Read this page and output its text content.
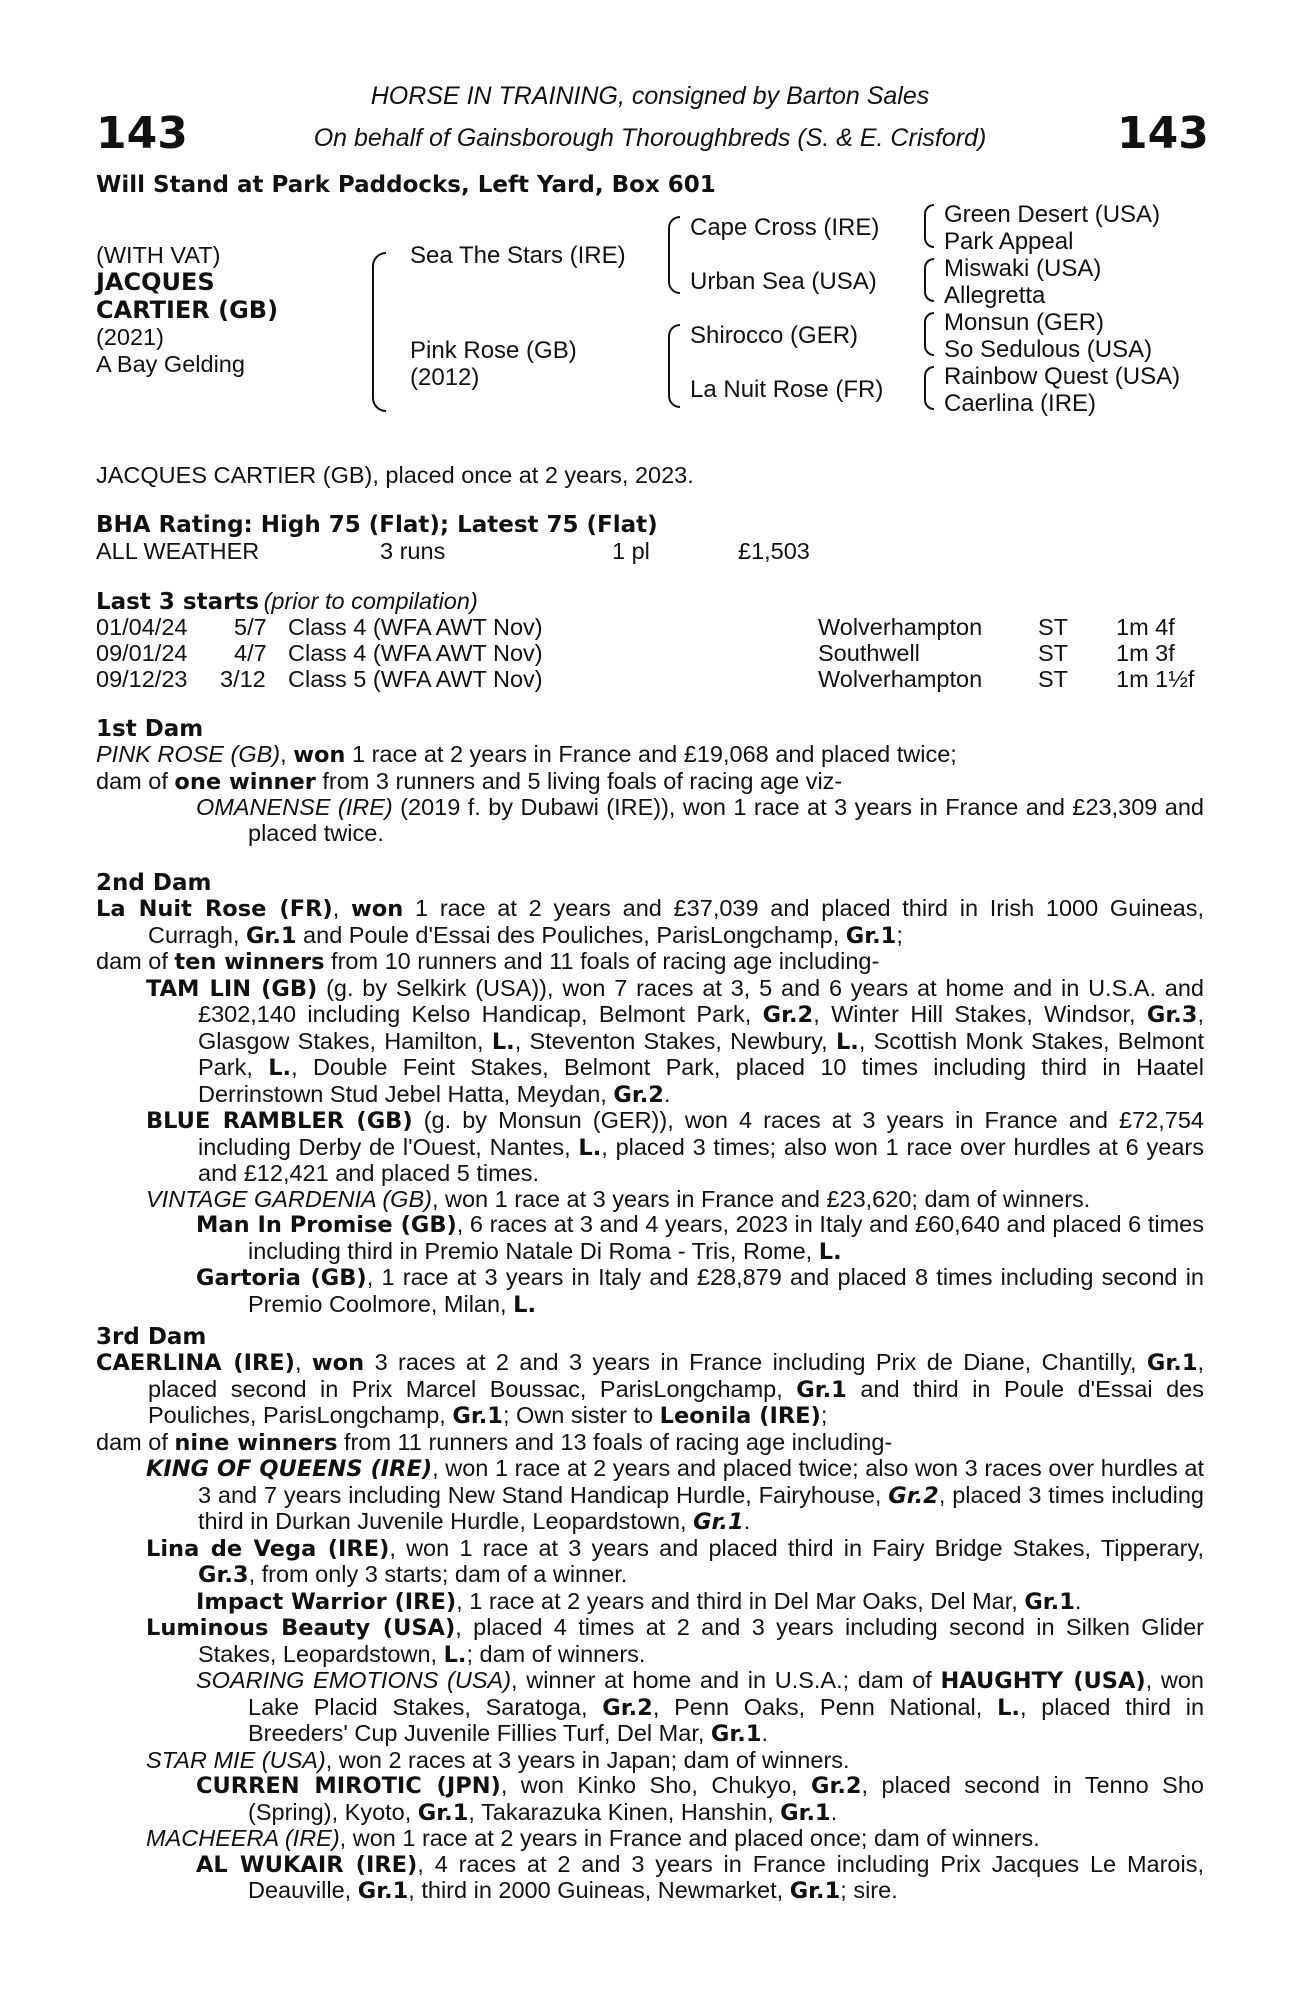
HORSE IN TRAINING, consigned by Barton Sales
On behalf of Gainsborough Thoroughbreds (S. & E. Crisford)
143	143
Will Stand at Park Paddocks, Left Yard, Box 601
(WITH VAT)
JACQUES
CARTIER (GB)
(2021)
A Bay Gelding
Sea The Stars (IRE)
Pink Rose (GB)
(2012)
Cape Cross (IRE)
Urban Sea (USA)
Shirocco (GER)
La Nuit Rose (FR)
Green Desert (USA)
Park Appeal
Miswaki (USA)
Allegretta
Monsun (GER)
So Sedulous (USA)
Rainbow Quest (USA)
Caerlina (IRE)
JACQUES CARTIER (GB), placed once at 2 years, 2023.
BHA Rating: High 75 (Flat); Latest 75 (Flat)
ALL WEATHER	3 runs	1 pl	£1,503
Last 3 starts (prior to compilation)
01/04/24 5/7 Class 4 (WFA AWT Nov)	Wolverhampton ST 1m 4f
09/01/24 4/7 Class 4 (WFA AWT Nov)	Southwell	ST 1m 3f
09/12/23 3/12 Class 5 (WFA AWT Nov)	Wolverhampton ST 1m 1½f
1st Dam

PINK ROSE (GB), won 1 race at 2 years in France and £19,068 and placed twice;

dam of one winner from 3 runners and 5 living foals of racing age viz-

OMANENSE (IRE) (2019 f. by Dubawi (IRE)), won 1 race at 3 years in France and £23,309 and placed twice.

2nd Dam

La Nuit Rose (FR), won 1 race at 2 years and £37,039 and placed third in Irish 1000 Guineas, Curragh, Gr.1 and Poule d'Essai des Pouliches, ParisLongchamp, Gr.1;

dam of ten winners from 10 runners and 11 foals of racing age including-

TAM LIN (GB) (g. by Selkirk (USA)), won 7 races at 3, 5 and 6 years at home and in U.S.A. and £302,140 including Kelso Handicap, Belmont Park, Gr.2, Winter Hill Stakes, Windsor, Gr.3, Glasgow Stakes, Hamilton, L., Steventon Stakes, Newbury, L., Scottish Monk Stakes, Belmont Park, L., Double Feint Stakes, Belmont Park, placed 10 times including third in Haatel Derrinstown Stud Jebel Hatta, Meydan, Gr.2.

BLUE RAMBLER (GB) (g. by Monsun (GER)), won 4 races at 3 years in France and £72,754 including Derby de l'Ouest, Nantes, L., placed 3 times; also won 1 race over hurdles at 6 years and £12,421 and placed 5 times.

VINTAGE GARDENIA (GB), won 1 race at 3 years in France and £23,620; dam of winners.

Man In Promise (GB), 6 races at 3 and 4 years, 2023 in Italy and £60,640 and placed 6 times including third in Premio Natale Di Roma - Tris, Rome, L.

Gartoria (GB), 1 race at 3 years in Italy and £28,879 and placed 8 times including second in Premio Coolmore, Milan, L.

3rd Dam

CAERLINA (IRE), won 3 races at 2 and 3 years in France including Prix de Diane, Chantilly, Gr.1, placed second in Prix Marcel Boussac, ParisLongchamp, Gr.1 and third in Poule d'Essai des Pouliches, ParisLongchamp, Gr.1; Own sister to Leonila (IRE);

dam of nine winners from 11 runners and 13 foals of racing age including-

KING OF QUEENS (IRE), won 1 race at 2 years and placed twice; also won 3 races over hurdles at 3 and 7 years including New Stand Handicap Hurdle, Fairyhouse, Gr.2, placed 3 times including third in Durkan Juvenile Hurdle, Leopardstown, Gr.1.

Lina de Vega (IRE), won 1 race at 3 years and placed third in Fairy Bridge Stakes, Tipperary, Gr.3, from only 3 starts; dam of a winner.

Impact Warrior (IRE), 1 race at 2 years and third in Del Mar Oaks, Del Mar, Gr.1.

Luminous Beauty (USA), placed 4 times at 2 and 3 years including second in Silken Glider Stakes, Leopardstown, L.; dam of winners.

SOARING EMOTIONS (USA), winner at home and in U.S.A.; dam of HAUGHTY (USA), won Lake Placid Stakes, Saratoga, Gr.2, Penn Oaks, Penn National, L., placed third in Breeders' Cup Juvenile Fillies Turf, Del Mar, Gr.1.

STAR MIE (USA), won 2 races at 3 years in Japan; dam of winners.

CURREN MIROTIC (JPN), won Kinko Sho, Chukyo, Gr.2, placed second in Tenno Sho (Spring), Kyoto, Gr.1, Takarazuka Kinen, Hanshin, Gr.1.

MACHEERA (IRE), won 1 race at 2 years in France and placed once; dam of winners.

AL WUKAIR (IRE), 4 races at 2 and 3 years in France including Prix Jacques Le Marois, Deauville, Gr.1, third in 2000 Guineas, Newmarket, Gr.1; sire.
